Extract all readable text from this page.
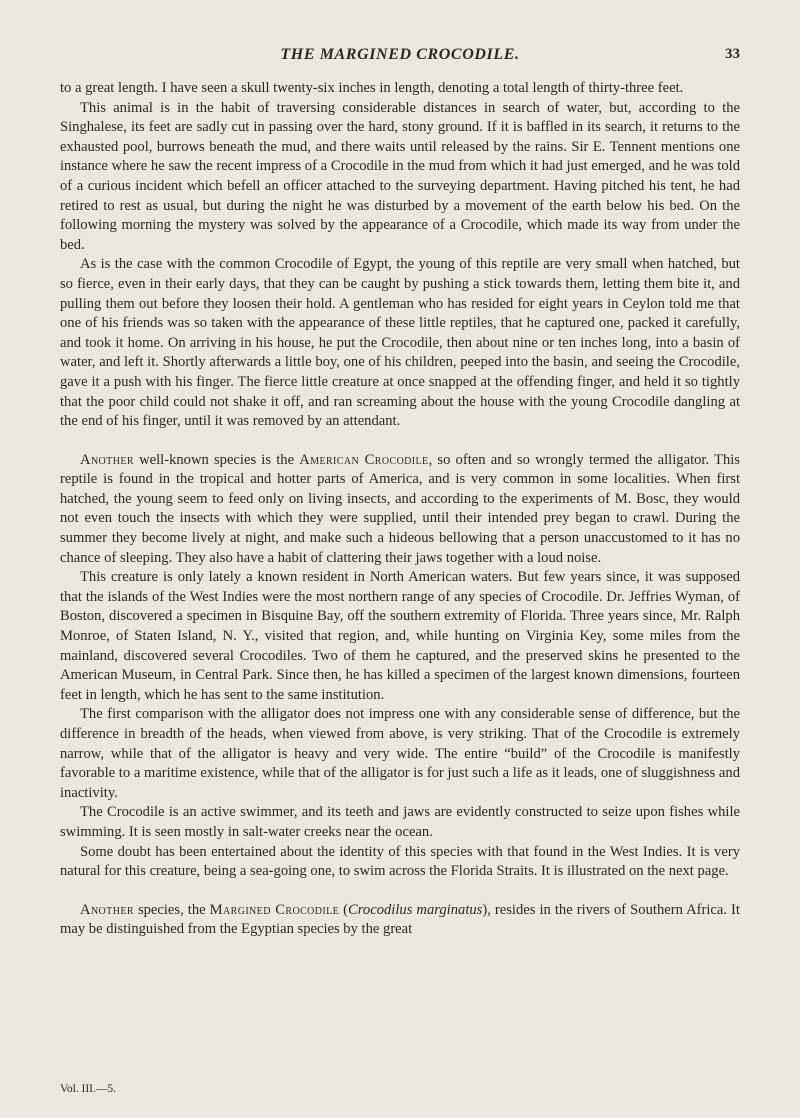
THE MARGINED CROCODILE.	33

to a great length. I have seen a skull twenty-six inches in length, denoting a total length of thirty-three feet.

This animal is in the habit of traversing considerable distances in search of water, but, according to the Singhalese, its feet are sadly cut in passing over the hard, stony ground. If it is baffled in its search, it returns to the exhausted pool, burrows beneath the mud, and there waits until released by the rains. Sir E. Tennent mentions one instance where he saw the recent impress of a Crocodile in the mud from which it had just emerged, and he was told of a curious incident which befell an officer attached to the surveying department. Having pitched his tent, he had retired to rest as usual, but during the night he was disturbed by a movement of the earth below his bed. On the following morning the mystery was solved by the appearance of a Crocodile, which made its way from under the bed.

As is the case with the common Crocodile of Egypt, the young of this reptile are very small when hatched, but so fierce, even in their early days, that they can be caught by pushing a stick towards them, letting them bite it, and pulling them out before they loosen their hold. A gentleman who has resided for eight years in Ceylon told me that one of his friends was so taken with the appearance of these little reptiles, that he captured one, packed it carefully, and took it home. On arriving in his house, he put the Crocodile, then about nine or ten inches long, into a basin of water, and left it. Shortly afterwards a little boy, one of his children, peeped into the basin, and seeing the Crocodile, gave it a push with his finger. The fierce little creature at once snapped at the offending finger, and held it so tightly that the poor child could not shake it off, and ran screaming about the house with the young Crocodile dangling at the end of his finger, until it was removed by an attendant.

Another well-known species is the American Crocodile, so often and so wrongly termed the alligator. This reptile is found in the tropical and hotter parts of America, and is very common in some localities. When first hatched, the young seem to feed only on living insects, and according to the experiments of M. Bosc, they would not even touch the insects with which they were supplied, until their intended prey began to crawl. During the summer they become lively at night, and make such a hideous bellowing that a person unaccustomed to it has no chance of sleeping. They also have a habit of clattering their jaws together with a loud noise.

This creature is only lately a known resident in North American waters. But few years since, it was supposed that the islands of the West Indies were the most northern range of any species of Crocodile. Dr. Jeffries Wyman, of Boston, discovered a specimen in Bisquine Bay, off the southern extremity of Florida. Three years since, Mr. Ralph Monroe, of Staten Island, N. Y., visited that region, and, while hunting on Virginia Key, some miles from the mainland, discovered several Crocodiles. Two of them he captured, and the preserved skins he presented to the American Museum, in Central Park. Since then, he has killed a specimen of the largest known dimensions, fourteen feet in length, which he has sent to the same institution.

The first comparison with the alligator does not impress one with any considerable sense of difference, but the difference in breadth of the heads, when viewed from above, is very striking. That of the Crocodile is extremely narrow, while that of the alligator is heavy and very wide. The entire “build” of the Crocodile is manifestly favorable to a maritime existence, while that of the alligator is for just such a life as it leads, one of sluggishness and inactivity.

The Crocodile is an active swimmer, and its teeth and jaws are evidently constructed to seize upon fishes while swimming. It is seen mostly in salt-water creeks near the ocean.

Some doubt has been entertained about the identity of this species with that found in the West Indies. It is very natural for this creature, being a sea-going one, to swim across the Florida Straits. It is illustrated on the next page.

Another species, the Margined Crocodile (Crocodilus marginatus), resides in the rivers of Southern Africa. It may be distinguished from the Egyptian species by the great

Vol. III.—5.
